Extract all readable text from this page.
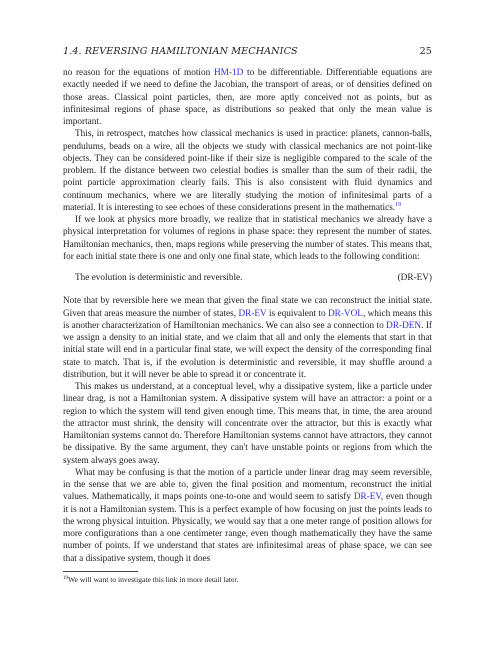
1.4. REVERSING HAMILTONIAN MECHANICS	25

no reason for the equations of motion HM-1D to be differentiable. Differentiable equations are exactly needed if we need to define the Jacobian, the transport of areas, or of densities defined on those areas. Classical point particles, then, are more aptly conceived not as points, but as infinitesimal regions of phase space, as distributions so peaked that only the mean value is important.

This, in retrospect, matches how classical mechanics is used in practice: planets, cannon-balls, pendulums, beads on a wire, all the objects we study with classical mechanics are not point-like objects. They can be considered point-like if their size is negligible compared to the scale of the problem. If the distance between two celestial bodies is smaller than the sum of their radii, the point particle approximation clearly fails. This is also consistent with fluid dynamics and continuum mechanics, where we are literally studying the motion of infinitesimal parts of a material. It is interesting to see echoes of these considerations present in the mathematics.$^{19}$

If we look at physics more broadly, we realize that in statistical mechanics we already have a physical interpretation for volumes of regions in phase space: they represent the number of states. Hamiltonian mechanics, then, maps regions while preserving the number of states. This means that, for each initial state there is one and only one final state, which leads to the following condition:

The evolution is deterministic and reversible.	(DR-EV)

Note that by reversible here we mean that given the final state we can reconstruct the initial state. Given that areas measure the number of states, DR-EV is equivalent to DR-VOL, which means this is another characterization of Hamiltonian mechanics. We can also see a connection to DR-DEN. If we assign a density to an initial state, and we claim that all and only the elements that start in that initial state will end in a particular final state, we will expect the density of the corresponding final state to match. That is, if the evolution is deterministic and reversible, it may shuffle around a distribution, but it will never be able to spread it or concentrate it.

This makes us understand, at a conceptual level, why a dissipative system, like a particle under linear drag, is not a Hamiltonian system. A dissipative system will have an attractor: a point or a region to which the system will tend given enough time. This means that, in time, the area around the attractor must shrink, the density will concentrate over the attractor, but this is exactly what Hamiltonian systems cannot do. Therefore Hamiltonian systems cannot have attractors, they cannot be dissipative. By the same argument, they can't have unstable points or regions from which the system always goes away.

What may be confusing is that the motion of a particle under linear drag may seem reversible, in the sense that we are able to, given the final position and momentum, reconstruct the initial values. Mathematically, it maps points one-to-one and would seem to satisfy DR-EV, even though it is not a Hamiltonian system. This is a perfect example of how focusing on just the points leads to the wrong physical intuition. Physically, we would say that a one meter range of position allows for more configurations than a one centimeter range, even though mathematically they have the same number of points. If we understand that states are infinitesimal areas of phase space, we can see that a dissipative system, though it does

$^{19}$We will want to investigate this link in more detail later.
